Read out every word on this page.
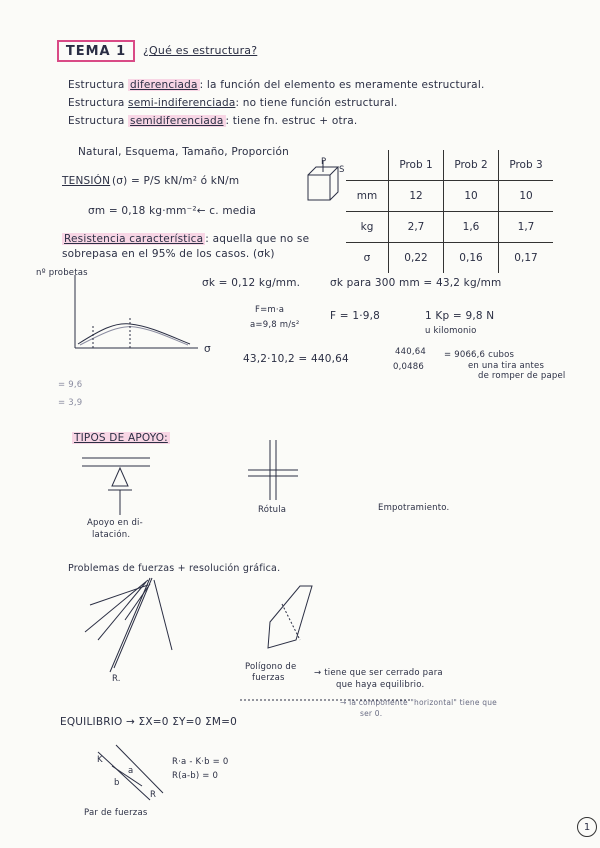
TEMA 1	¿Qué es estructura?
Estructura diferenciada : la función del elemento es meramente estructural.
Estructura semi-indiferenciada: no tiene función estructural.
Estructura semidiferenciada : tiene fn. estruc + otra.
Natural, Esquema, Tamaño, Proporción
TENSIÓN (σ) = P/S kN/m² ó kN/m
σm = 0,18 kg·mm⁻²← c. media
Resistencia característica : aquella que no se
sobrepasa en el 95% de los casos. (σk)
S
P
		Prob 1	Prob 2	Prob 3
mm	12	10	10
kg	2,7	1,6	1,7
σ	0,22	0,16	0,17
nº probetas
σ
σk = 0,12 kg/mm.	σk para 300 mm = 43,2 kg/mm
F=m·a
a=9,8 m/s²
F = 1·9,8	1 Kp = 9,8 N
u kilomonio
43,2·10,2 = 440,64
440,64
0,0486
= 9066,6 cubos
en una tira antes
de romper de papel
= 9,6
= 3,9
TIPOS DE APOYO:
Apoyo en di-
latación.
Rótula	Empotramiento.
Problemas de fuerzas + resolución gráfica.
R.
Polígono de
fuerzas	→ tiene que ser cerrado para
que haya equilibrio.
→ la componente "horizontal" tiene que
ser 0.
EQUILIBRIO → ΣX=0 ΣY=0 ΣM=0
R·a - K·b = 0
R(a-b) = 0
Par de fuerzas
K
a
b
R
1
